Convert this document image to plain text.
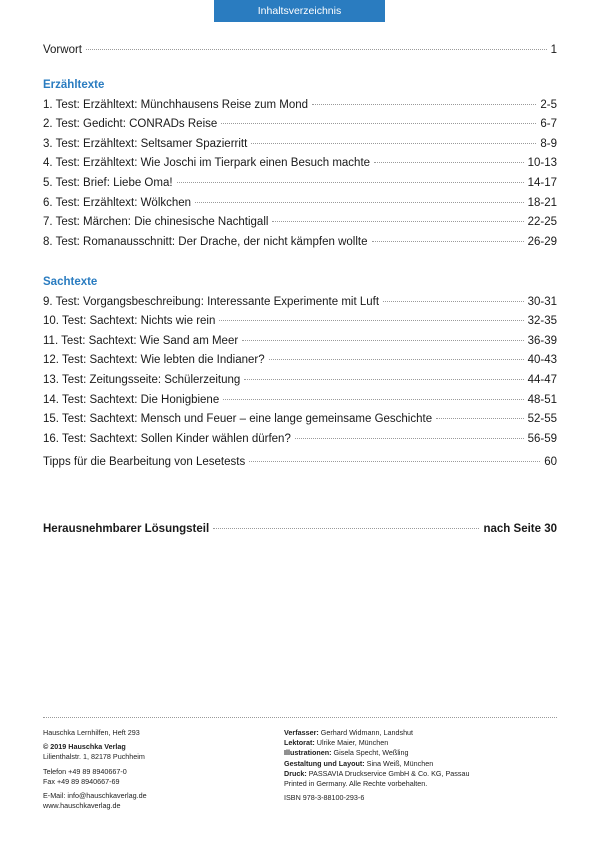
Inhaltsverzeichnis
Vorwort	1
Erzähltexte
1. Test: Erzähltext: Münchhausens Reise zum Mond	2-5
2. Test: Gedicht: CONRADs Reise	6-7
3. Test: Erzähltext: Seltsamer Spazierritt	8-9
4. Test: Erzähltext: Wie Joschi im Tierpark einen Besuch machte	10-13
5. Test: Brief: Liebe Oma!	14-17
6. Test: Erzähltext: Wölkchen	18-21
7. Test: Märchen: Die chinesische Nachtigall	22-25
8. Test: Romanausschnitt: Der Drache, der nicht kämpfen wollte	26-29
Sachtexte
9. Test: Vorgangsbeschreibung: Interessante Experimente mit Luft	30-31
10. Test: Sachtext: Nichts wie rein	32-35
11. Test: Sachtext: Wie Sand am Meer	36-39
12. Test: Sachtext: Wie lebten die Indianer?	40-43
13. Test: Zeitungsseite: Schülerzeitung	44-47
14. Test: Sachtext: Die Honigbiene	48-51
15. Test: Sachtext: Mensch und Feuer – eine lange gemeinsame Geschichte	52-55
16. Test: Sachtext: Sollen Kinder wählen dürfen?	56-59
Tipps für die Bearbeitung von Lesetests	60
Herausnehmbarer Lösungsteil	nach Seite 30
Hauschka Lernhilfen, Heft 293
© 2019 Hauschka Verlag
Lilienthalstr. 1, 82178 Puchheim
Telefon +49 89 8940667-0
Fax +49 89 8940667-69
E-Mail: info@hauschkaverlag.de
www.hauschkaverlag.de
Verfasser: Gerhard Widmann, Landshut
Lektorat: Ulrike Maier, München
Illustrationen: Gisela Specht, Weßling
Gestaltung und Layout: Sina Weiß, München
Druck: PASSAVIA Druckservice GmbH & Co. KG, Passau
Printed in Germany. Alle Rechte vorbehalten.
ISBN 978-3-88100-293-6
